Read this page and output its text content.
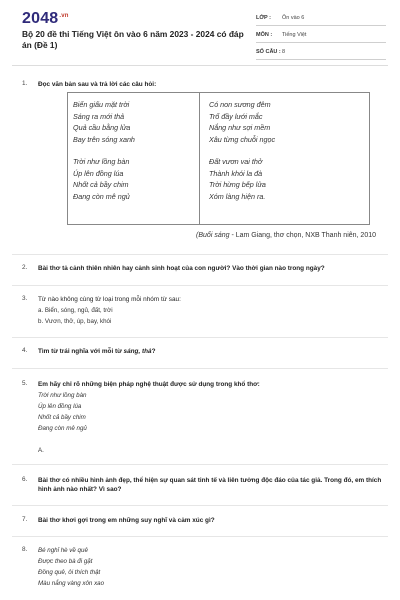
$2048^{.vn}$
Bộ 20 đề thi Tiếng Việt ôn vào 6 năm 2023 - 2024 có đáp án (Đề 1)
LỚP : Ôn vào 6
MÔN : Tiếng Việt
SỐ CÂU : 8
1. Đọc văn bản sau và trả lời các câu hỏi:
Biển giấu mặt trời
Sáng ra mới thả
Quả cầu bằng lửa
Bay trên sóng xanh
Trời như lồng bàn
Úp lên đồng lúa
Nhốt cả bầy chim
Đang còn mê ngủ
Có non sương đêm
Trổ đầy lưới mắc
Nắng như sợi mềm
Xâu từng chuỗi ngọc
Đất vươn vai thở
Thành khói la đà
Trời hừng bếp lửa
Xóm làng hiện ra.
(Buổi sáng - Lam Giang, thơ chọn, NXB Thanh niên, 2010
2. Bài thơ tả cảnh thiên nhiên hay cảnh sinh hoạt của con người? Vào thời gian nào trong ngày?
3. Từ nào không cùng từ loại trong mỗi nhóm từ sau:
a. Biển, sóng, ngủ, đất, trời
b. Vươn, thở, úp, bay, khói
4. Tìm từ trái nghĩa với mỗi từ sáng, thả?
5. Em hãy chỉ rõ những biện pháp nghệ thuật được sử dụng trong khổ thơ:
Trời như lồng bàn
Úp lên đồng lúa
Nhốt cả bầy chim
Đang còn mê ngủ
A.
6. Bài thơ có nhiều hình ảnh đẹp, thể hiện sự quan sát tinh tế và liên tưởng độc đáo của tác giả. Trong đó, em thích hình ảnh nào nhất? Vì sao?
7. Bài thơ khơi gợi trong em những suy nghĩ và cảm xúc gì?
8. Bé nghỉ hè về quê
Được theo bà đi gặt
Đồng quê, ôi thích thật
Màu nắng vàng xôn xao
